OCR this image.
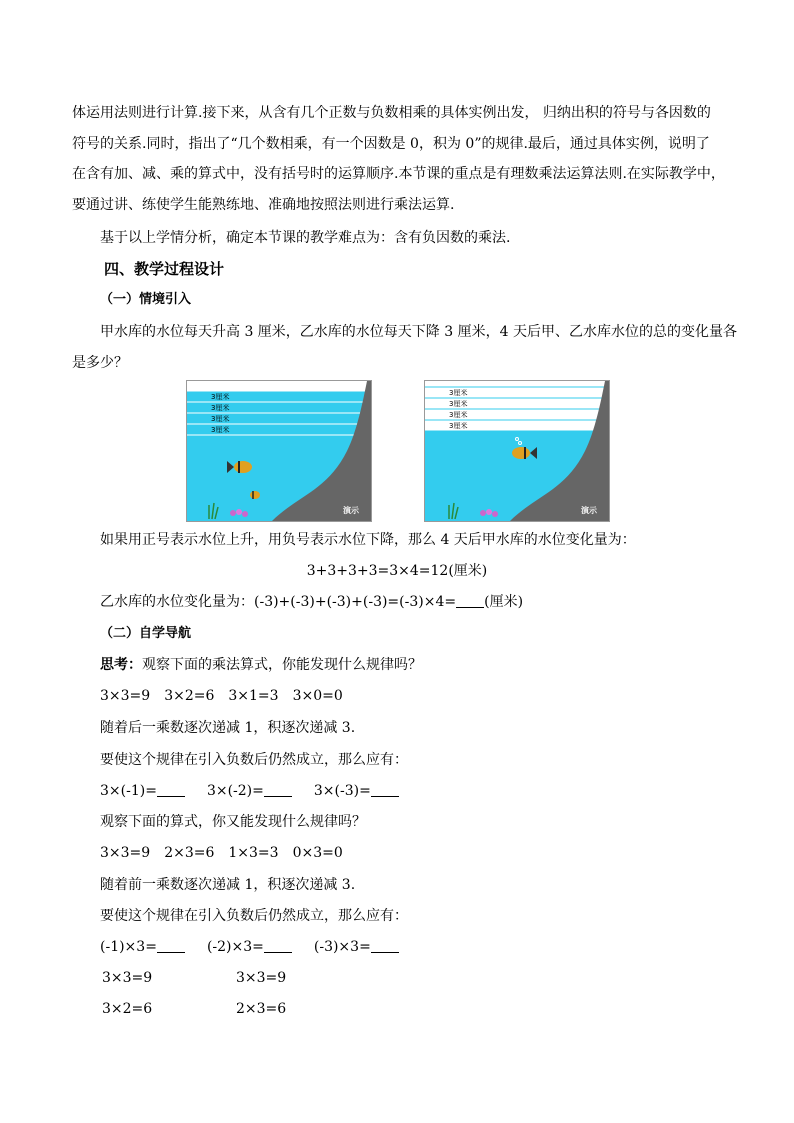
体运用法则进行计算.接下来，从含有几个正数与负数相乘的具体实例出发， 归纳出积的符号与各因数的
符号的关系.同时，指出了“几个数相乘，有一个因数是 0，积为 0”的规律.最后，通过具体实例，说明了
在含有加、减、乘的算式中，没有括号时的运算顺序.本节课的重点是有理数乘法运算法则.在实际教学中，
要通过讲、练使学生能熟练地、准确地按照法则进行乘法运算.
基于以上学情分析，确定本节课的教学难点为：含有负因数的乘法.
四、教学过程设计
（一）情境引入
甲水库的水位每天升高 3 厘米，乙水库的水位每天下降 3 厘米，4 天后甲、乙水库水位的总的变化量各
是多少？
3厘米
3厘米
3厘米
3厘米
演示
3厘米
3厘米
3厘米
3厘米
演示
如果用正号表示水位上升，用负号表示水位下降，那么 4 天后甲水库的水位变化量为：
3+3+3+3=3×4=12(厘米)
乙水库的水位变化量为：(-3)+(-3)+(-3)+(-3)=(-3)×4= (厘米)
（二）自学导航
思考：观察下面的乘法算式，你能发现什么规律吗？
3×3=9 3×2=6 3×1=3 3×0=0
随着后一乘数逐次递减 1，积逐次递减 3.
要使这个规律在引入负数后仍然成立，那么应有：
3×(-1)=	3×(-2)=	3×(-3)=
观察下面的算式，你又能发现什么规律吗？
3×3=9 2×3=6 1×3=3 0×3=0
随着前一乘数逐次递减 1，积逐次递减 3.
要使这个规律在引入负数后仍然成立，那么应有：
(-1)×3=	(-2)×3=	(-3)×3=
3×3=9	3×3=9
3×2=6	2×3=6
